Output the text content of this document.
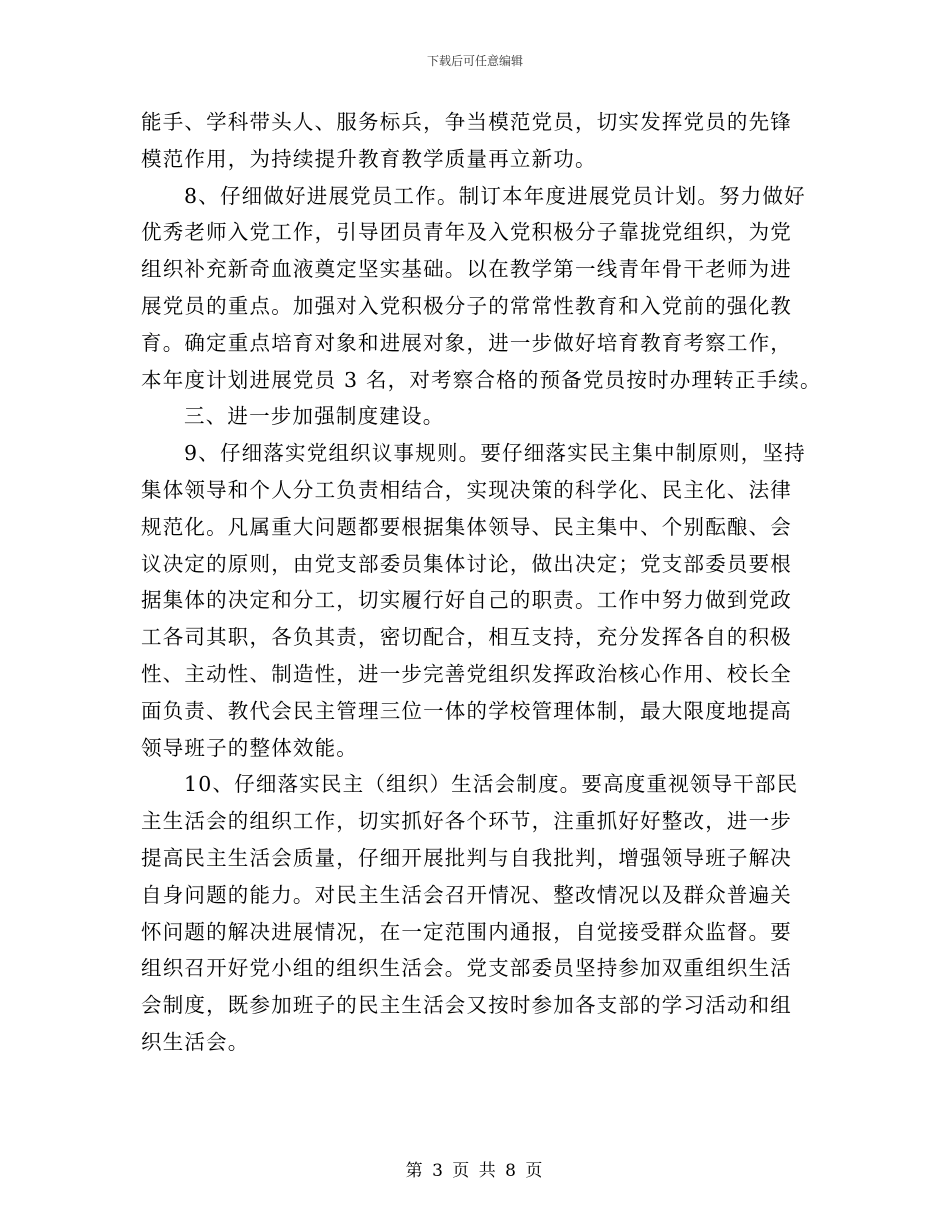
下载后可任意编辑

能手、学科带头人、服务标兵，争当模范党员，切实发挥党员的先锋
模范作用，为持续提升教育教学质量再立新功。

8、仔细做好进展党员工作。制订本年度进展党员计划。努力做好
优秀老师入党工作，引导团员青年及入党积极分子靠拢党组织，为党
组织补充新奇血液奠定坚实基础。以在教学第一线青年骨干老师为进
展党员的重点。加强对入党积极分子的常常性教育和入党前的强化教
育。确定重点培育对象和进展对象，进一步做好培育教育考察工作，
本年度计划进展党员 3 名，对考察合格的预备党员按时办理转正手续。

三、进一步加强制度建设。

9、仔细落实党组织议事规则。要仔细落实民主集中制原则，坚持
集体领导和个人分工负责相结合，实现决策的科学化、民主化、法律
规范化。凡属重大问题都要根据集体领导、民主集中、个别酝酿、会
议决定的原则，由党支部委员集体讨论，做出决定；党支部委员要根
据集体的决定和分工，切实履行好自己的职责。工作中努力做到党政
工各司其职，各负其责，密切配合，相互支持，充分发挥各自的积极
性、主动性、制造性，进一步完善党组织发挥政治核心作用、校长全
面负责、教代会民主管理三位一体的学校管理体制，最大限度地提高
领导班子的整体效能。

10、仔细落实民主（组织）生活会制度。要高度重视领导干部民
主生活会的组织工作，切实抓好各个环节，注重抓好好整改，进一步
提高民主生活会质量，仔细开展批判与自我批判，增强领导班子解决
自身问题的能力。对民主生活会召开情况、整改情况以及群众普遍关
怀问题的解决进展情况，在一定范围内通报，自觉接受群众监督。要
组织召开好党小组的组织生活会。党支部委员坚持参加双重组织生活
会制度，既参加班子的民主生活会又按时参加各支部的学习活动和组
织生活会。

第 3 页 共 8 页
